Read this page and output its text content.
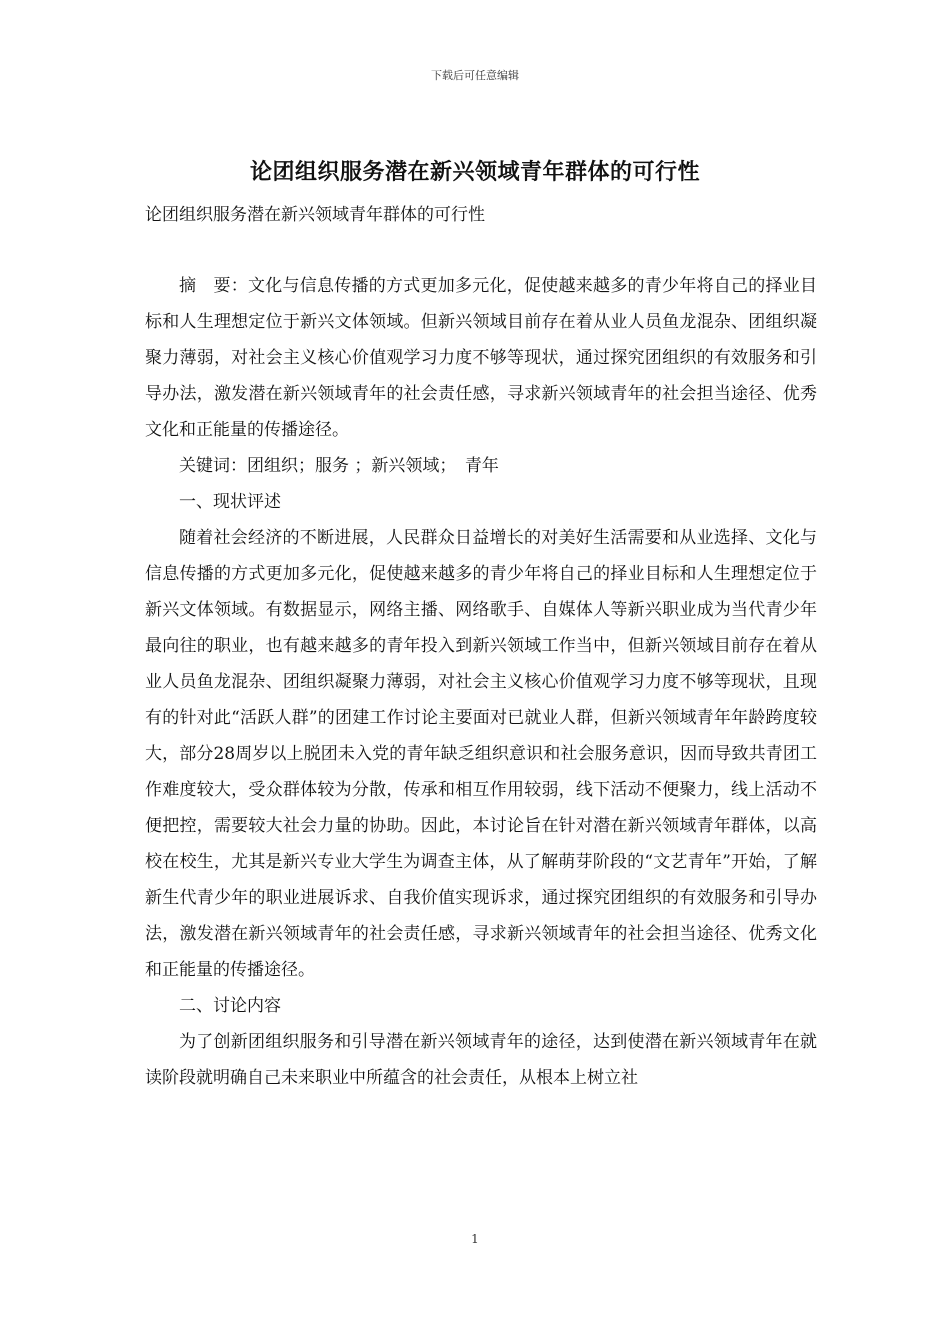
下载后可任意编辑
论团组织服务潜在新兴领域青年群体的可行性
论团组织服务潜在新兴领域青年群体的可行性

摘　要：文化与信息传播的方式更加多元化，促使越来越多的青少年将自己的择业目标和人生理想定位于新兴文体领域。但新兴领域目前存在着从业人员鱼龙混杂、团组织凝聚力薄弱，对社会主义核心价值观学习力度不够等现状，通过探究团组织的有效服务和引导办法，激发潜在新兴领域青年的社会责任感，寻求新兴领域青年的社会担当途径、优秀文化和正能量的传播途径。

关键词：团组织；服务 ；新兴领域；　青年

一、现状评述

随着社会经济的不断进展，人民群众日益增长的对美好生活需要和从业选择、文化与信息传播的方式更加多元化，促使越来越多的青少年将自己的择业目标和人生理想定位于新兴文体领域。有数据显示，网络主播、网络歌手、自媒体人等新兴职业成为当代青少年最向往的职业，也有越来越多的青年投入到新兴领域工作当中，但新兴领域目前存在着从业人员鱼龙混杂、团组织凝聚力薄弱，对社会主义核心价值观学习力度不够等现状，且现有的针对此“活跃人群”的团建工作讨论主要面对已就业人群，但新兴领域青年年龄跨度较大，部分28周岁以上脱团未入党的青年缺乏组织意识和社会服务意识，因而导致共青团工作难度较大，受众群体较为分散，传承和相互作用较弱，线下活动不便聚力，线上活动不便把控，需要较大社会力量的协助。因此，本讨论旨在针对潜在新兴领域青年群体，以高校在校生，尤其是新兴专业大学生为调查主体，从了解萌芽阶段的“文艺青年”开始，了解新生代青少年的职业进展诉求、自我价值实现诉求，通过探究团组织的有效服务和引导办法，激发潜在新兴领域青年的社会责任感，寻求新兴领域青年的社会担当途径、优秀文化和正能量的传播途径。

二、讨论内容

为了创新团组织服务和引导潜在新兴领域青年的途径，达到使潜在新兴领域青年在就读阶段就明确自己未来职业中所蕴含的社会责任，从根本上树立社

1
